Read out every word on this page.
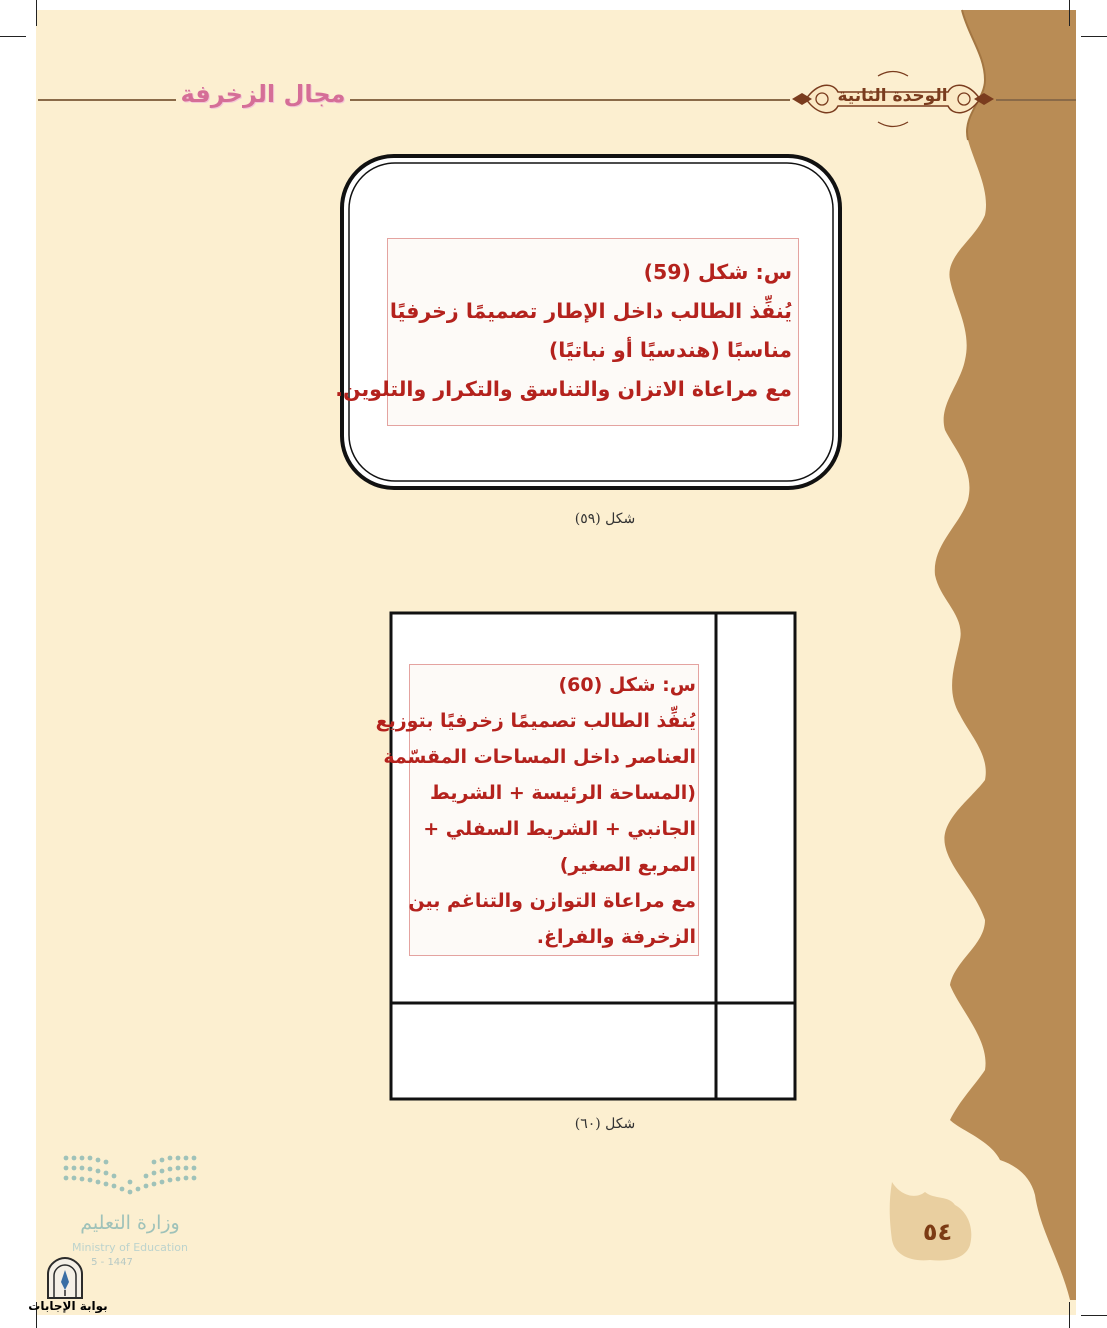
مجال الزخرفة	الوحدة الثانية
س: شكل (59)
يُنفِّذ الطالب داخل الإطار تصميمًا زخرفيًا
مناسبًا (هندسيًا أو نباتيًا)
مع مراعاة الاتزان والتناسق والتكرار والتلوين.
شكل (٥٩)
س: شكل (60)
يُنفِّذ الطالب تصميمًا زخرفيًا بتوزيع
العناصر داخل المساحات المقسّمة
(المساحة الرئيسة + الشريط
الجانبي + الشريط السفلي +
المربع الصغير)
مع مراعاة التوازن والتناغم بين
الزخرفة والفراغ.
شكل (٦٠)
٥٤
وزارة التعليم
Ministry of Education
5 - 1447
بوابة الإجابات
